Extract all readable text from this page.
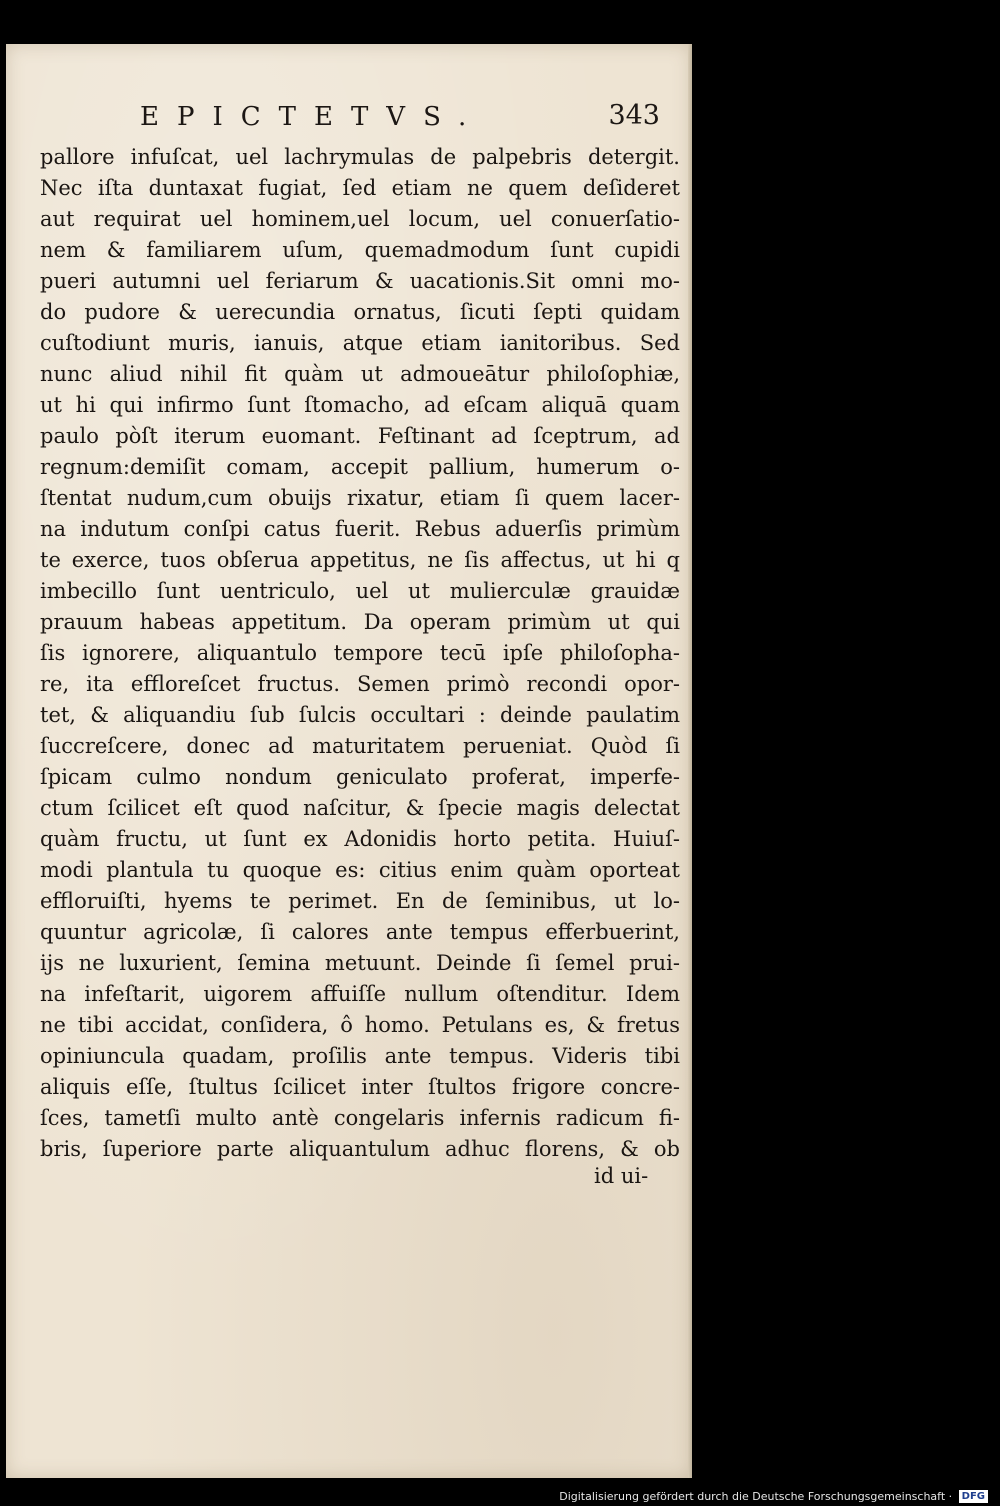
EPICTETVS.	343
pallore infuſcat, uel lachrymulas de palpebris detergit.
Nec iſta duntaxat fugiat, ſed etiam ne quem deſideret
aut requirat uel hominem,uel locum, uel conuerſatio-
nem & familiarem uſum, quemadmodum ſunt cupidi
pueri autumni uel feriarum & uacationis.Sit omni mo-
do pudore & uerecundia ornatus, ſicuti ſepti quidam
cuſtodiunt muris, ianuis, atque etiam ianitoribus. Sed
nunc aliud nihil fit quàm ut admoueātur philoſophiæ,
ut hi qui infirmo ſunt ſtomacho, ad eſcam aliquā quam
paulo pòſt iterum euomant. Feſtinant ad ſceptrum, ad
regnum:demiſit comam, accepit pallium, humerum o-
ſtentat nudum,cum obuijs rixatur, etiam ſi quem lacer-
na indutum conſpi catus fuerit. Rebus aduerſis primùm
te exerce, tuos obſerua appetitus, ne ſis affectus, ut hi q
imbecillo ſunt uentriculo, uel ut mulierculæ grauidæ
prauum habeas appetitum. Da operam primùm ut qui
ſis ignorere, aliquantulo tempore tecū ipſe philoſopha-
re, ita effloreſcet fructus. Semen primò recondi opor-
tet, & aliquandiu ſub ſulcis occultari : deinde paulatim
ſuccreſcere, donec ad maturitatem perueniat. Quòd ſi
ſpicam culmo nondum geniculato proferat, imperfe-
ctum ſcilicet eſt quod naſcitur, & ſpecie magis delectat
quàm fructu, ut ſunt ex Adonidis horto petita. Huiuſ-
modi plantula tu quoque es: citius enim quàm oporteat
effloruiſti, hyems te perimet. En de ſeminibus, ut lo-
quuntur agricolæ, ſi calores ante tempus efferbuerint,
ijs ne luxurient, ſemina metuunt. Deinde ſi ſemel prui-
na infeſtarit, uigorem affuiſſe nullum oſtenditur. Idem
ne tibi accidat, conſidera, ô homo. Petulans es, & fretus
opiniuncula quadam, proſilis ante tempus. Videris tibi
aliquis eſſe, ſtultus ſcilicet inter ſtultos frigore concre-
ſces, tametſi multo antè congelaris infernis radicum fi-
bris, ſuperiore parte aliquantulum adhuc florens, & ob
id ui-
Digitalisierung gefördert durch die Deutsche Forschungsgemeinschaft · DFG
